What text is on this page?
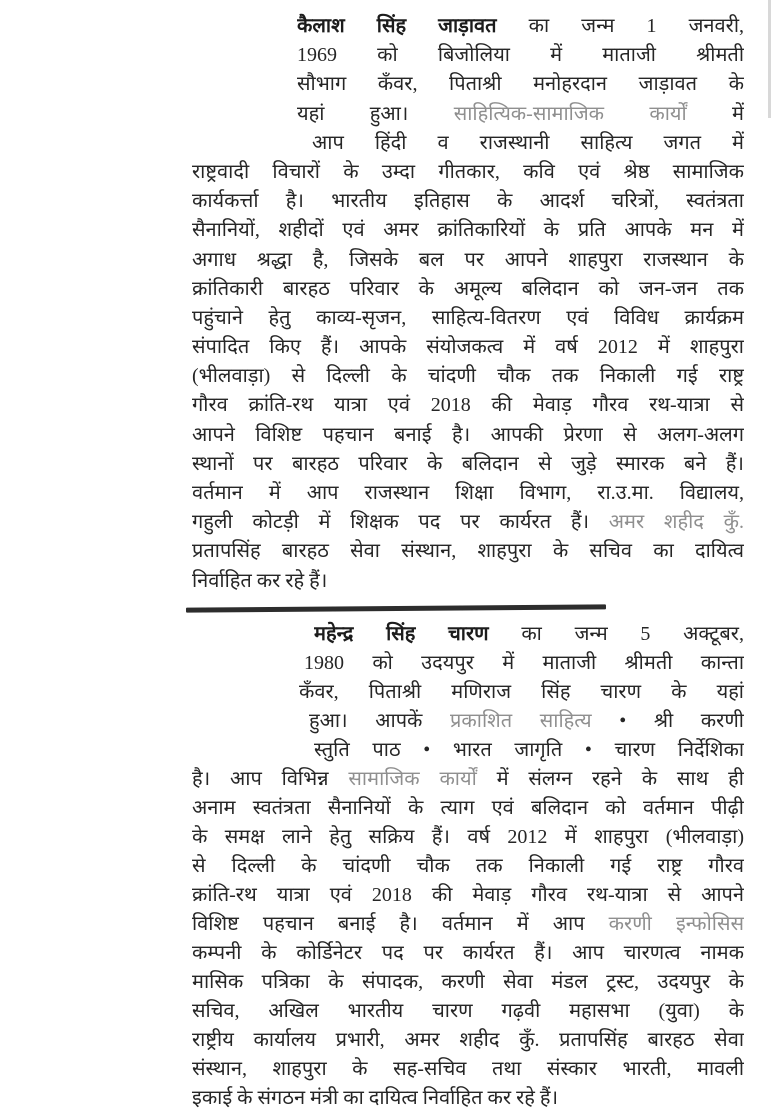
कैलाश सिंह जाड़ावत का जन्म 1 जनवरी,
1969 को बिजोलिया में माताजी श्रीमती
सौभाग कँवर, पिताश्री मनोहरदान जाड़ावत के
यहां हुआ। साहित्यिक-सामाजिक कार्यों में
आप हिंदी व राजस्थानी साहित्य जगत में
राष्ट्रवादी विचारों के उम्दा गीतकार, कवि एवं श्रेष्ठ सामाजिक
कार्यकर्त्ता है। भारतीय इतिहास के आदर्श चरित्रों, स्वतंत्रता
सैनानियों, शहीदों एवं अमर क्रांतिकारियों के प्रति आपके मन में
अगाध श्रद्धा है, जिसके बल पर आपने शाहपुरा राजस्थान के
क्रांतिकारी बारहठ परिवार के अमूल्य बलिदान को जन-जन तक
पहुंचाने हेतु काव्य-सृजन, साहित्य-वितरण एवं विविध क्रार्यक्रम
संपादित किए हैं। आपके संयोजकत्व में वर्ष 2012 में शाहपुरा
(भीलवाड़ा) से दिल्ली के चांदणी चौक तक निकाली गई राष्ट्र
गौरव क्रांति-रथ यात्रा एवं 2018 की मेवाड़ गौरव रथ-यात्रा से
आपने विशिष्ट पहचान बनाई है। आपकी प्रेरणा से अलग-अलग
स्थानों पर बारहठ परिवार के बलिदान से जुड़े स्मारक बने हैं।
वर्तमान में आप राजस्थान शिक्षा विभाग, रा.उ.मा. विद्यालय,
गहुली कोटड़ी में शिक्षक पद पर कार्यरत हैं। अमर शहीद कुँ.
प्रतापसिंह बारहठ सेवा संस्थान, शाहपुरा के सचिव का दायित्व
निर्वाहित कर रहे हैं।
महेन्द्र सिंह चारण का जन्म 5 अक्टूबर,
1980 को उदयपुर में माताजी श्रीमती कान्ता
कँवर, पिताश्री मणिराज सिंह चारण के यहां
हुआ। आपकें प्रकाशित साहित्य • श्री करणी
स्तुति पाठ • भारत जागृति • चारण निर्देशिका
है। आप विभिन्न सामाजिक कार्यों में संलग्न रहने के साथ ही
अनाम स्वतंत्रता सैनानियों के त्याग एवं बलिदान को वर्तमान पीढ़ी
के समक्ष लाने हेतु सक्रिय हैं। वर्ष 2012 में शाहपुरा (भीलवाड़ा)
से दिल्ली के चांदणी चौक तक निकाली गई राष्ट्र गौरव
क्रांति-रथ यात्रा एवं 2018 की मेवाड़ गौरव रथ-यात्रा से आपने
विशिष्ट पहचान बनाई है। वर्तमान में आप करणी इन्फोसिस
कम्पनी के कोर्डिनेटर पद पर कार्यरत हैं। आप चारणत्व नामक
मासिक पत्रिका के संपादक, करणी सेवा मंडल ट्रस्ट, उदयपुर के
सचिव, अखिल भारतीय चारण गढ़वी महासभा (युवा) के
राष्ट्रीय कार्यालय प्रभारी, अमर शहीद कुँ. प्रतापसिंह बारहठ सेवा
संस्थान, शाहपुरा के सह-सचिव तथा संस्कार भारती, मावली
इकाई के संगठन मंत्री का दायित्व निर्वाहित कर रहे हैं।
